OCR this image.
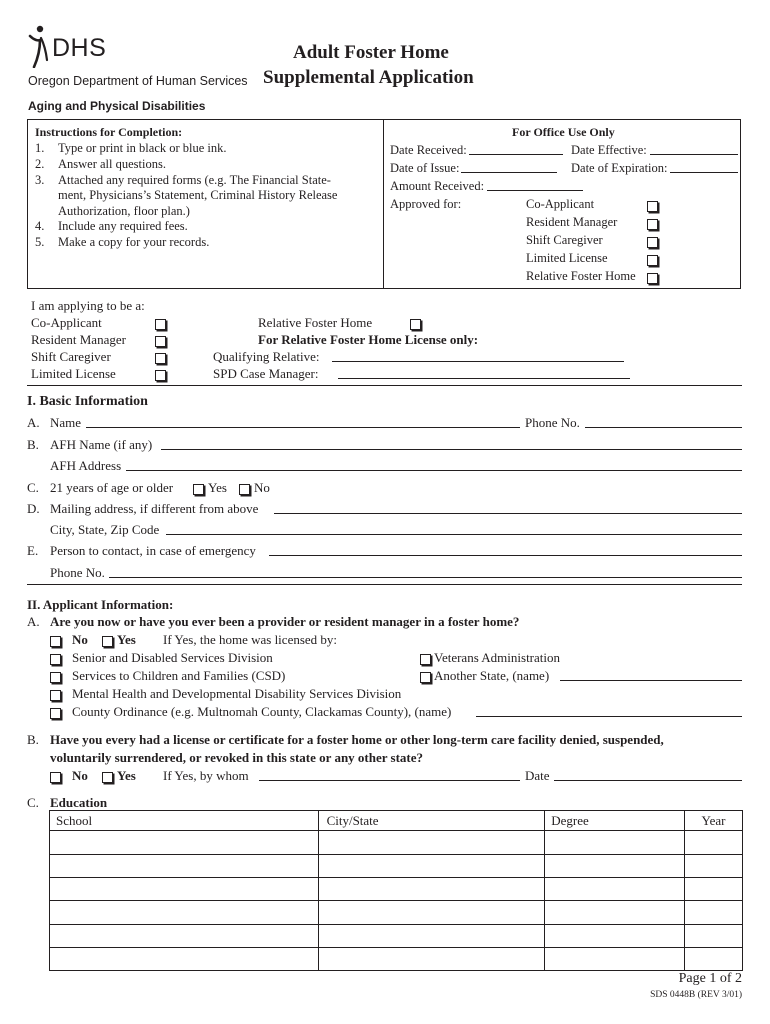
DHS
Oregon Department of Human Services
Adult Foster Home
Supplemental Application
Aging and Physical Disabilities
Instructions for Completion:
1. Type or print in black or blue ink.
2. Answer all questions.
3. Attached any required forms (e.g. The Financial State-
ment, Physicians’s Statement, Criminal History Release
Authorization, floor plan.)
4. Include any required fees.
5. Make a copy for your records.
For Office Use Only
Date Received:	Date Effective:
Date of Issue:	Date of Expiration:
Amount Received:
Approved for:	Co-Applicant
Resident Manager
Shift Caregiver
Limited License
Relative Foster Home
I am applying to be a:
Co-Applicant
Resident Manager
Shift Caregiver
Limited License
Relative Foster Home
For Relative Foster Home License only:
Qualifying Relative:
SPD Case Manager:
I. Basic Information
A. Name	Phone No.
B. AFH Name (if any)
AFH Address
C. 21 years of age or older	Yes No
D. Mailing address, if different from above
City, State, Zip Code
E. Person to contact, in case of emergency
Phone No.
II. Applicant Information:
A. Are you now or have you ever been a provider or resident manager in a foster home?
No Yes If Yes, the home was licensed by:
Senior and Disabled Services Division	Veterans Administration
Services to Children and Families (CSD)	Another State, (name)
Mental Health and Developmental Disability Services Division
County Ordinance (e.g. Multnomah County, Clackamas County), (name)
B. Have you every had a license or certificate for a foster home or other long-term care facility denied, suspended,
voluntarily surrendered, or revoked in this state or any other state?
No Yes If Yes, by whom	Date
C. Education
School	City/State	Degree	Year

Page 1 of 2
SDS 0448B (REV 3/01)
